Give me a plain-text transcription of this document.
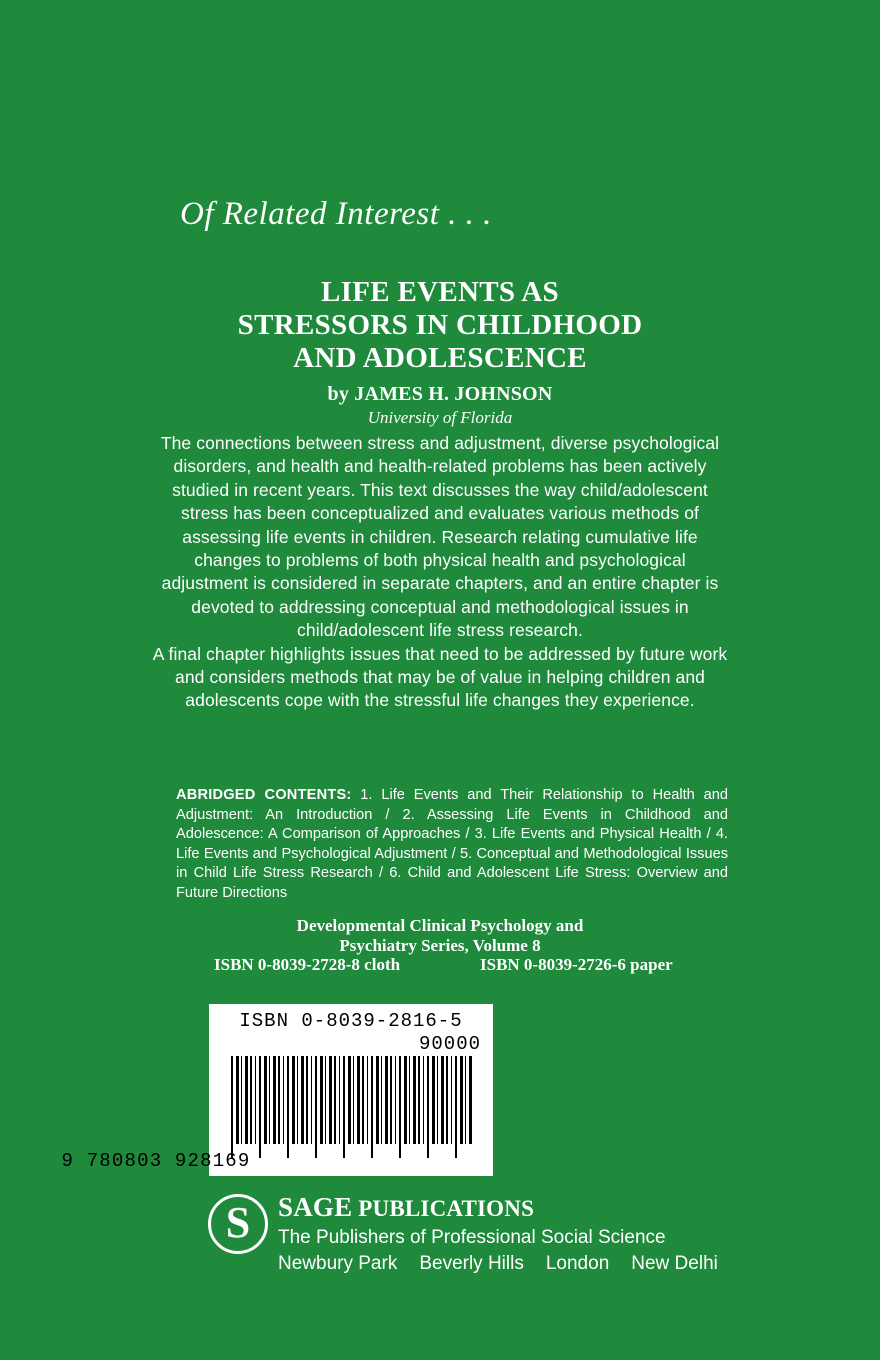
Of Related Interest . . .
LIFE EVENTS AS
STRESSORS IN CHILDHOOD
AND ADOLESCENCE
by JAMES H. JOHNSON
University of Florida

The connections between stress and adjustment, diverse psychological disorders, and health and health-related problems has been actively studied in recent years. This text discusses the way child/adolescent stress has been conceptualized and evaluates various methods of assessing life events in children. Research relating cumulative life changes to problems of both physical health and psychological adjustment is considered in separate chapters, and an entire chapter is devoted to addressing conceptual and methodological issues in child/adolescent life stress research.

A final chapter highlights issues that need to be addressed by future work and considers methods that may be of value in helping children and adolescents cope with the stressful life changes they experience.

ABRIDGED CONTENTS: 1. Life Events and Their Relationship to Health and Adjustment: An Introduction / 2. Assessing Life Events in Childhood and Adolescence: A Comparison of Approaches / 3. Life Events and Physical Health / 4. Life Events and Psychological Adjustment / 5. Conceptual and Methodological Issues in Child Life Stress Research / 6. Child and Adolescent Life Stress: Overview and Future Directions
Developmental Clinical Psychology and
Psychiatry Series, Volume 8
ISBN 0-8039-2728-8 cloth	ISBN 0-8039-2726-6 paper
ISBN 0-8039-2816-5
90000
9 780803 928169
S	SAGE PUBLICATIONS
The Publishers of Professional Social Science
Newbury Park Beverly Hills London New Delhi
